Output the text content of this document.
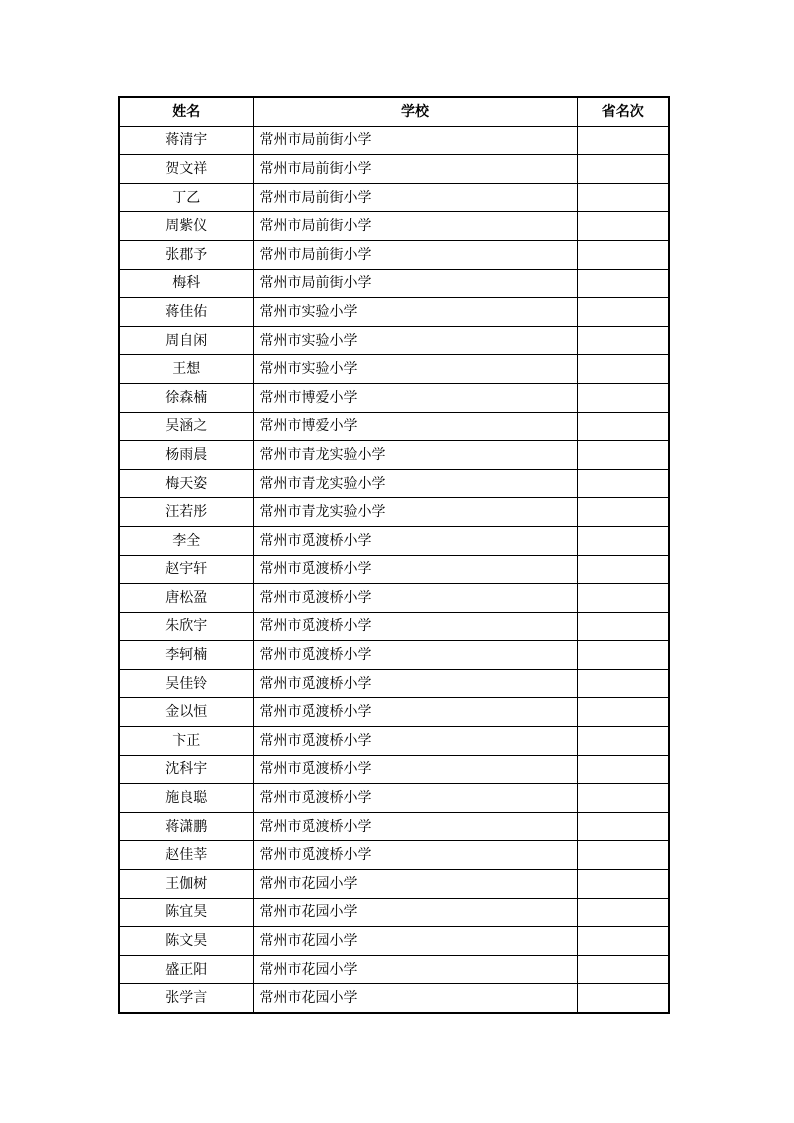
姓名	学校	省名次
蒋清宇	常州市局前街小学	
贺文祥	常州市局前街小学	
丁乙	常州市局前街小学	
周紫仪	常州市局前街小学	
张郡予	常州市局前街小学	
梅科	常州市局前街小学	
蒋佳佑	常州市实验小学	
周自闲	常州市实验小学	
王想	常州市实验小学	
徐森楠	常州市博爱小学	
吴涵之	常州市博爱小学	
杨雨晨	常州市青龙实验小学	
梅天姿	常州市青龙实验小学	
汪若彤	常州市青龙实验小学	
李全	常州市觅渡桥小学	
赵宇轩	常州市觅渡桥小学	
唐松盈	常州市觅渡桥小学	
朱欣宇	常州市觅渡桥小学	
李轲楠	常州市觅渡桥小学	
吴佳铃	常州市觅渡桥小学	
金以恒	常州市觅渡桥小学	
卞正	常州市觅渡桥小学	
沈科宇	常州市觅渡桥小学	
施良聪	常州市觅渡桥小学	
蒋潇鹏	常州市觅渡桥小学	
赵佳莘	常州市觅渡桥小学	
王伽树	常州市花园小学	
陈宜昊	常州市花园小学	
陈文昊	常州市花园小学	
盛正阳	常州市花园小学	
张学言	常州市花园小学	
